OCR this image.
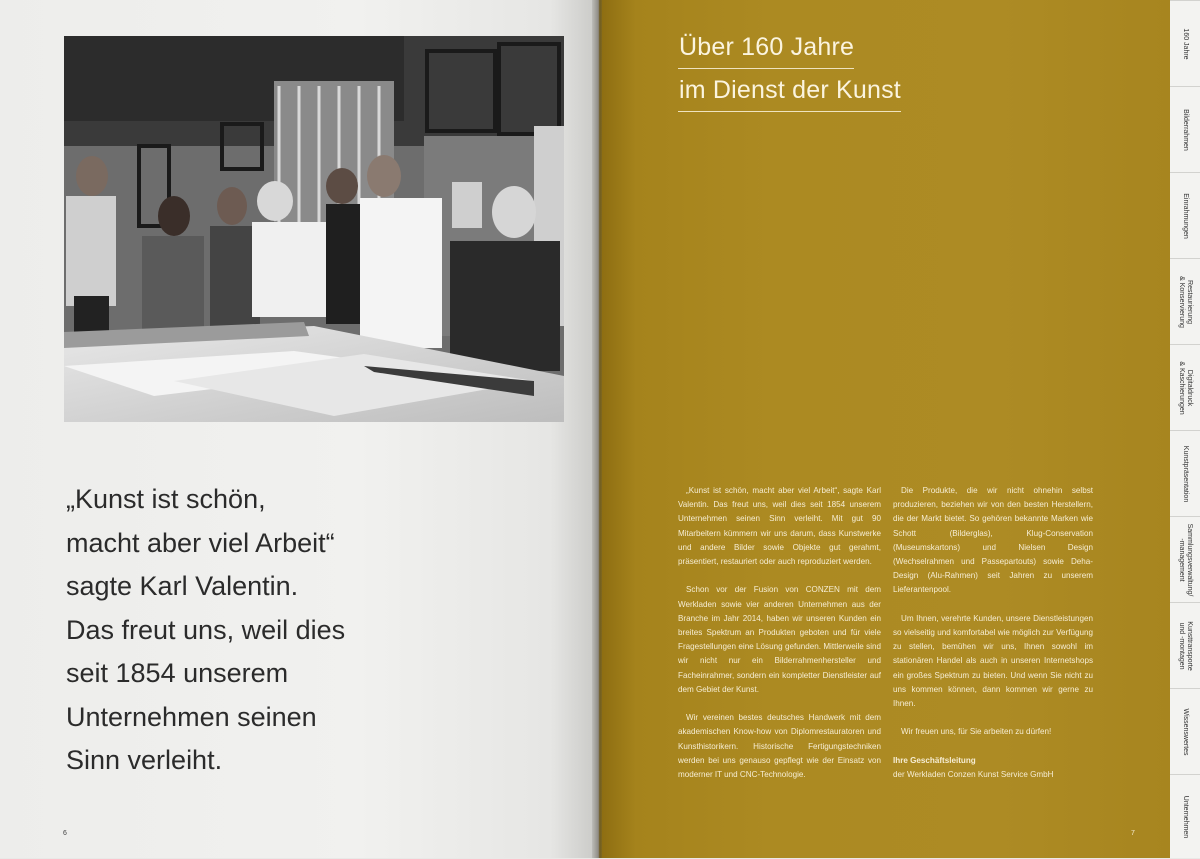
„Kunst ist schön,
macht aber viel Arbeit“
sagte Karl Valentin.
Das freut uns, weil dies
seit 1854 unserem
Unternehmen seinen
Sinn verleiht.

6
Über 160 Jahre
im Dienst der Kunst

„Kunst ist schön, macht aber viel Arbeit“, sagte Karl Valentin. Das freut uns, weil dies seit 1854 unserem Unternehmen seinen Sinn verleiht. Mit gut 90 Mitarbeitern kümmern wir uns darum, dass Kunstwerke und andere Bilder sowie Objekte gut gerahmt, präsentiert, restauriert oder auch reproduziert werden.

Schon vor der Fusion von CONZEN mit dem Werkladen sowie vier anderen Unternehmen aus der Branche im Jahr 2014, haben wir unseren Kunden ein breites Spektrum an Produkten geboten und für viele Fragestellungen eine Lösung gefunden. Mittlerweile sind wir nicht nur ein Bilderrahmenhersteller und Facheinrahmer, sondern ein kompletter Dienstleister auf dem Gebiet der Kunst.

Wir vereinen bestes deutsches Handwerk mit dem akademischen Know-how von Diplomrestauratoren und Kunsthistorikern. Historische Fertigungstechniken werden bei uns genauso gepflegt wie der Einsatz von moderner IT und CNC-Technologie.

Die Produkte, die wir nicht ohnehin selbst produzieren, beziehen wir von den besten Herstellern, die der Markt bietet. So gehören bekannte Marken wie Schott (Bilderglas), Klug-Conservation (Museumskartons) und Nielsen Design (Wechselrahmen und Passepartouts) sowie Deha-Design (Alu-Rahmen) seit Jahren zu unserem Lieferantenpool.

Um Ihnen, verehrte Kunden, unsere Dienstleistungen so vielseitig und komfortabel wie möglich zur Verfügung zu stellen, bemühen wir uns, Ihnen sowohl im stationären Handel als auch in unseren Internetshops ein großes Spektrum zu bieten. Und wenn Sie nicht zu uns kommen können, dann kommen wir gerne zu Ihnen.

Wir freuen uns, für Sie arbeiten zu dürfen!

Ihre Geschäftsleitung

der Werkladen Conzen Kunst Service GmbH

7
160 Jahre
Bilderrahmen
Einrahmungen
Restaurierung
& Konservierung
Digitaldruck
& Kaschierungen
Kunstpräsentation
Sammlungsverwaltung/
-management
Kunsttransporte
und -montagen
Wissenswertes
Unternehmen
